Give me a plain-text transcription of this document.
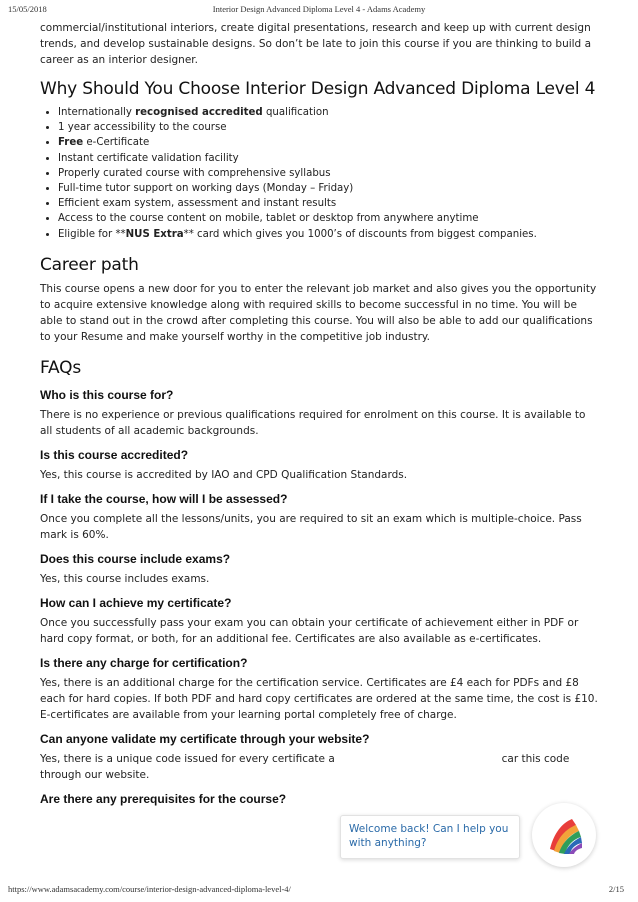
15/05/2018	Interior Design Advanced Diploma Level 4 - Adams Academy

commercial/institutional interiors, create digital presentations, research and keep up with current design trends, and develop sustainable designs. So don’t be late to join this course if you are thinking to build a career as an interior designer.

Why Should You Choose Interior Design Advanced Diploma Level 4
• Internationally recognised accredited qualification
• 1 year accessibility to the course
• Free e-Certificate
• Instant certificate validation facility
• Properly curated course with comprehensive syllabus
• Full-time tutor support on working days (Monday – Friday)
• Efficient exam system, assessment and instant results
• Access to the course content on mobile, tablet or desktop from anywhere anytime
• Eligible for **NUS Extra** card which gives you 1000’s of discounts from biggest companies.
Career path

This course opens a new door for you to enter the relevant job market and also gives you the opportunity to acquire extensive knowledge along with required skills to become successful in no time. You will be able to stand out in the crowd after completing this course. You will also be able to add our qualifications to your Resume and make yourself worthy in the competitive job industry.

FAQs
Who is this course for?

There is no experience or previous qualifications required for enrolment on this course. It is available to all students of all academic backgrounds.

Is this course accredited?

Yes, this course is accredited by IAO and CPD Qualification Standards.

If I take the course, how will I be assessed?

Once you complete all the lessons/units, you are required to sit an exam which is multiple-choice. Pass mark is 60%.

Does this course include exams?

Yes, this course includes exams.

How can I achieve my certificate?

Once you successfully pass your exam you can obtain your certificate of achievement either in PDF or hard copy format, or both, for an additional fee. Certificates are also available as e-certificates.

Is there any charge for certification?

Yes, there is an additional charge for the certification service. Certificates are £4 each for PDFs and £8 each for hard copies. If both PDF and hard copy certificates are ordered at the same time, the cost is £10. E-certificates are available from your learning portal completely free of charge.

Can anyone validate my certificate through your website?

Yes, there is a unique code issued for every certificate a                                                  car this code through our website.

Are there any prerequisites for the course?
Welcome back! Can I help you with anything?
https://www.adamsacademy.com/course/interior-design-advanced-diploma-level-4/	2/15
